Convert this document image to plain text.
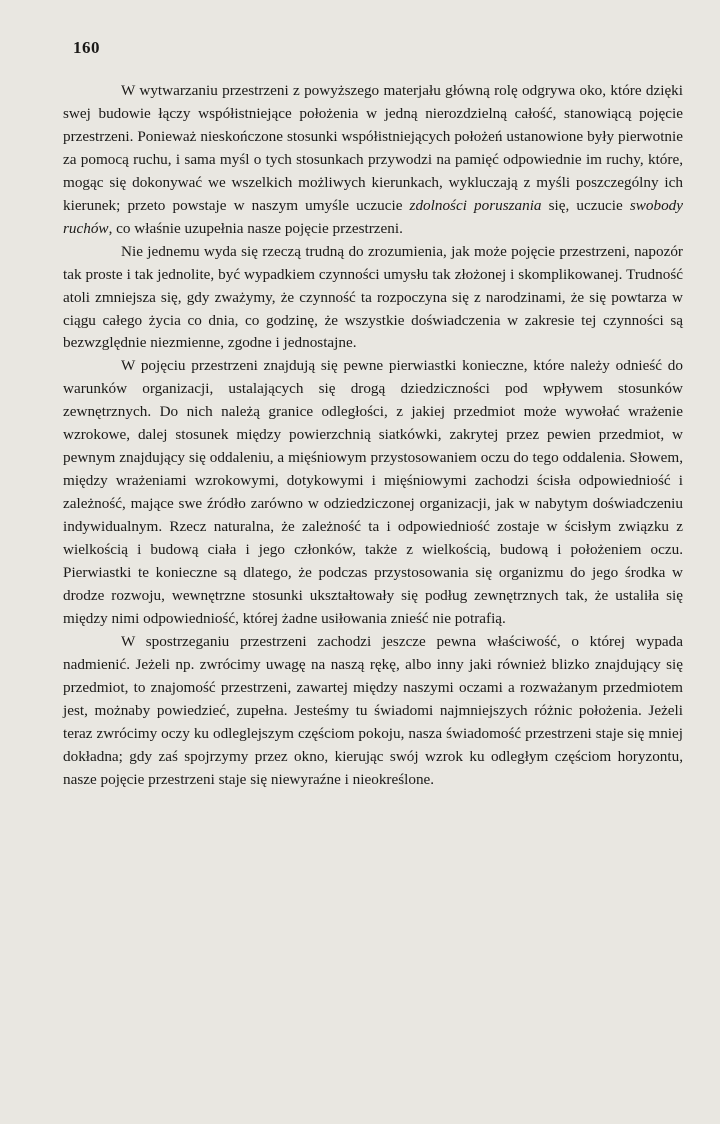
160

W wytwarzaniu przestrzeni z powyższego materjału główną rolę odgrywa oko, które dzięki swej budowie łączy współistniejące położenia w jedną nierozdzielną całość, stanowiącą pojęcie przestrzeni. Ponieważ nieskończone stosunki współistniejących położeń ustanowione były pierwotnie za pomocą ruchu, i sama myśl o tych stosunkach przywodzi na pamięć odpowiednie im ruchy, które, mogąc się dokonywać we wszelkich możliwych kierunkach, wykluczają z myśli poszczególny ich kierunek; przeto powstaje w naszym umyśle uczucie zdolności poruszania się, uczucie swobody ruchów, co właśnie uzupełnia nasze pojęcie przestrzeni.

Nie jednemu wyda się rzeczą trudną do zrozumienia, jak może pojęcie przestrzeni, napozór tak proste i tak jednolite, być wypadkiem czynności umysłu tak złożonej i skomplikowanej. Trudność atoli zmniejsza się, gdy zważymy, że czynność ta rozpoczyna się z narodzinami, że się powtarza w ciągu całego życia co dnia, co godzinę, że wszystkie doświadczenia w zakresie tej czynności są bezwzględnie niezmienne, zgodne i jednostajne.

W pojęciu przestrzeni znajdują się pewne pierwiastki konieczne, które należy odnieść do warunków organizacji, ustalających się drogą dziedziczności pod wpływem stosunków zewnętrznych. Do nich należą granice odległości, z jakiej przedmiot może wywołać wrażenie wzrokowe, dalej stosunek między powierzchnią siatkówki, zakrytej przez pewien przedmiot, w pewnym znajdujący się oddaleniu, a mięśniowym przystosowaniem oczu do tego oddalenia. Słowem, między wrażeniami wzrokowymi, dotykowymi i mięśniowymi zachodzi ścisła odpowiedniość i zależność, mające swe źródło zarówno w odziedziczonej organizacji, jak w nabytym doświadczeniu indywidualnym. Rzecz naturalna, że zależność ta i odpowiedniość zostaje w ścisłym związku z wielkością i budową ciała i jego członków, także z wielkością, budową i położeniem oczu. Pierwiastki te konieczne są dlatego, że podczas przystosowania się organizmu do jego środka w drodze rozwoju, wewnętrzne stosunki ukształtowały się podług zewnętrznych tak, że ustaliła się między nimi odpowiedniość, której żadne usiłowania znieść nie potrafią.

W spostrzeganiu przestrzeni zachodzi jeszcze pewna właściwość, o której wypada nadmienić. Jeżeli np. zwrócimy uwagę na naszą rękę, albo inny jaki również blizko znajdujący się przedmiot, to znajomość przestrzeni, zawartej między naszymi oczami a rozważanym przedmiotem jest, możnaby powiedzieć, zupełna. Jesteśmy tu świadomi najmniejszych różnic położenia. Jeżeli teraz zwrócimy oczy ku odleglejszym częściom pokoju, nasza świadomość przestrzeni staje się mniej dokładna; gdy zaś spojrzymy przez okno, kierując swój wzrok ku odległym częściom horyzontu, nasze pojęcie przestrzeni staje się niewyraźne i nieokreślone.
